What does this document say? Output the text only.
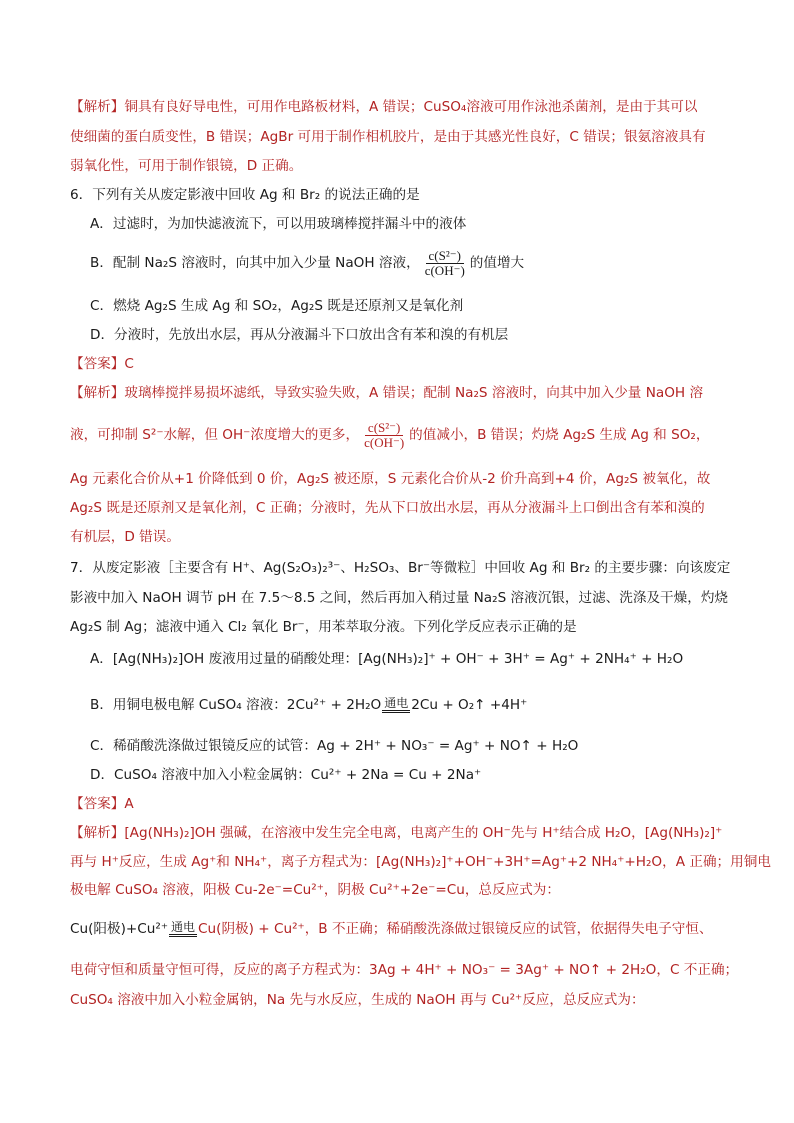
【解析】铜具有良好导电性，可用作电路板材料，A 错误；CuSO₄溶液可用作泳池杀菌剂，是由于其可以
使细菌的蛋白质变性，B 错误；AgBr 可用于制作相机胶片，是由于其感光性良好，C 错误；银氨溶液具有
弱氧化性，可用于制作银镜，D 正确。
6．下列有关从废定影液中回收 Ag 和 Br₂ 的说法正确的是
A．过滤时，为加快滤液流下，可以用玻璃棒搅拌漏斗中的液体
B．配制 Na₂S 溶液时，向其中加入少量 NaOH 溶液， $\frac{\text{c(S²⁻)}}{c(OH^-)}$ 的值增大
C．燃烧 Ag₂S 生成 Ag 和 SO₂，Ag₂S 既是还原剂又是氧化剂
D．分液时，先放出水层，再从分液漏斗下口放出含有苯和溴的有机层
【答案】C
【解析】玻璃棒搅拌易损坏滤纸，导致实验失败，A 错误；配制 Na₂S 溶液时，向其中加入少量 NaOH 溶
液，可抑制 S²⁻水解，但 OH⁻浓度增大的更多， $\frac{\text{c(S²⁻)}}{c(OH^-)}$ 的值减小，B 错误；灼烧 Ag₂S 生成 Ag 和 SO₂，
Ag 元素化合价从+1 价降低到 0 价，Ag₂S 被还原，S 元素化合价从-2 价升高到+4 价，Ag₂S 被氧化，故
Ag₂S 既是还原剂又是氧化剂，C 正确；分液时，先从下口放出水层，再从分液漏斗上口倒出含有苯和溴的
有机层，D 错误。
7．从废定影液［主要含有 H⁺、Ag(S₂O₃)₂³⁻、H₂SO₃、Br⁻等微粒］中回收 Ag 和 Br₂ 的主要步骤：向该废定
影液中加入 NaOH 调节 pH 在 7.5～8.5 之间，然后再加入稍过量 Na₂S 溶液沉银，过滤、洗涤及干燥，灼烧
Ag₂S 制 Ag；滤液中通入 Cl₂ 氧化 Br⁻，用苯萃取分液。下列化学反应表示正确的是
A．[Ag(NH₃)₂]OH 废液用过量的硝酸处理：[Ag(NH₃)₂]⁺ + OH⁻ + 3H⁺ = Ag⁺ + 2NH₄⁺ + H₂O
B．用铜电极电解 CuSO₄ 溶液：2Cu²⁺ + 2H₂O 通电 2Cu + O₂↑ +4H⁺
C．稀硝酸洗涤做过银镜反应的试管：Ag + 2H⁺ + NO₃⁻ = Ag⁺ + NO↑ + H₂O
D．CuSO₄ 溶液中加入小粒金属钠：Cu²⁺ + 2Na = Cu + 2Na⁺
【答案】A
【解析】[Ag(NH₃)₂]OH 强碱，在溶液中发生完全电离，电离产生的 OH⁻先与 H⁺结合成 H₂O，[Ag(NH₃)₂]⁺
再与 H⁺反应，生成 Ag⁺和 NH₄⁺，离子方程式为：[Ag(NH₃)₂]⁺+OH⁻+3H⁺=Ag⁺+2 NH₄⁺+H₂O，A 正确；用铜电
极电解 CuSO₄ 溶液，阳极 Cu-2e⁻=Cu²⁺，阴极 Cu²⁺+2e⁻=Cu，总反应式为：
Cu(阳极)+Cu²⁺ 通电 Cu(阴极) + Cu²⁺，B 不正确；稀硝酸洗涤做过银镜反应的试管，依据得失电子守恒、
电荷守恒和质量守恒可得，反应的离子方程式为：3Ag + 4H⁺ + NO₃⁻ = 3Ag⁺ + NO↑ + 2H₂O，C 不正确；
CuSO₄ 溶液中加入小粒金属钠，Na 先与水反应，生成的 NaOH 再与 Cu²⁺反应，总反应式为：
